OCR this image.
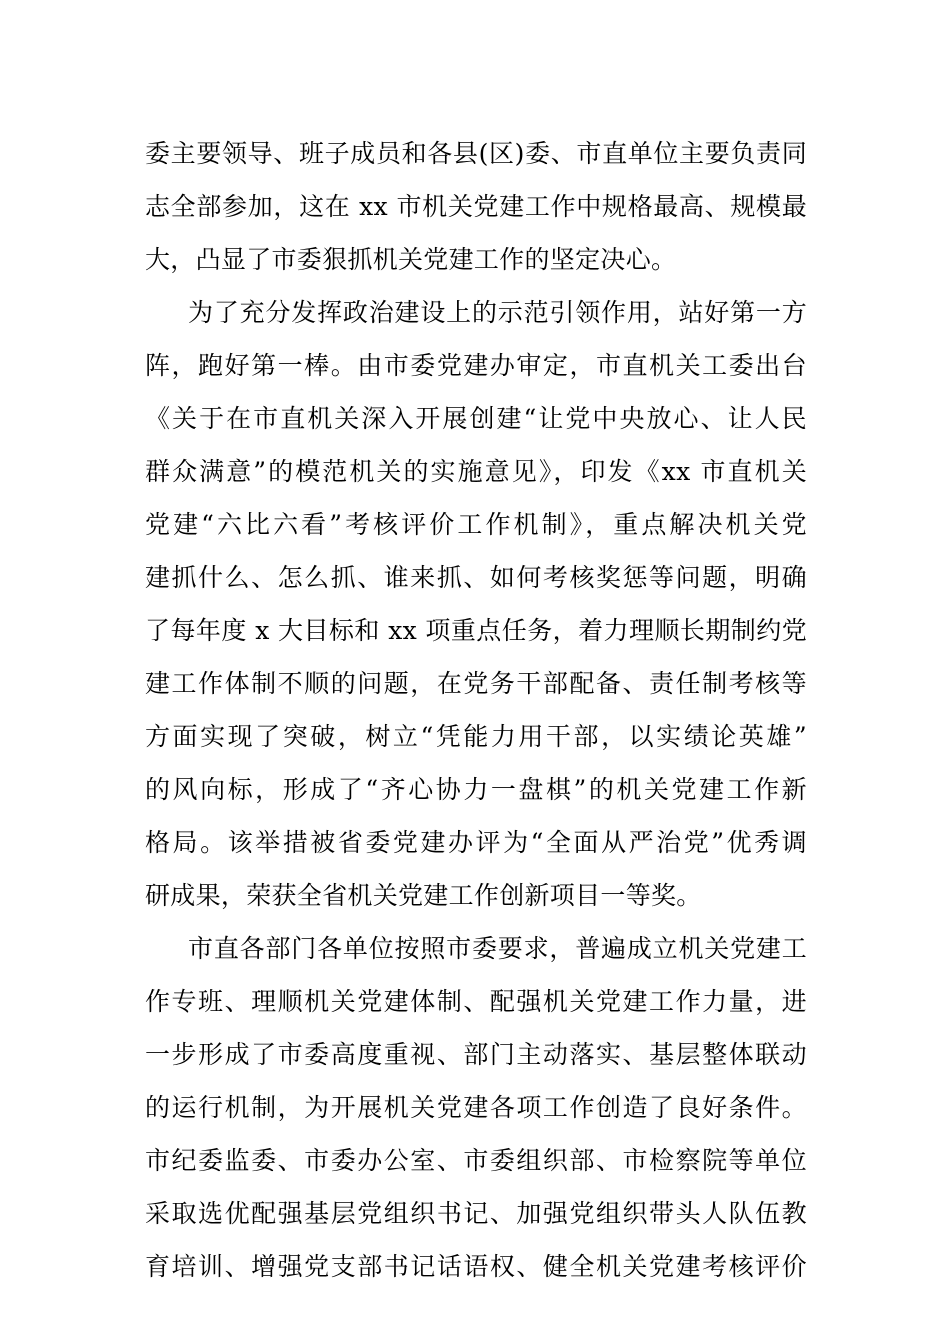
委主要领导、班子成员和各县(区)委、市直单位主要负责同
志全部参加，这在 xx 市机关党建工作中规格最高、规模最
大，凸显了市委狠抓机关党建工作的坚定决心。
为了充分发挥政治建设上的示范引领作用，站好第一方
阵，跑好第一棒。由市委党建办审定，市直机关工委出台
《关于在市直机关深入开展创建“让党中央放心、让人民
群众满意”的模范机关的实施意见》，印发《xx 市直机关
党建“六比六看”考核评价工作机制》，重点解决机关党
建抓什么、怎么抓、谁来抓、如何考核奖惩等问题，明确
了每年度 x 大目标和 xx 项重点任务，着力理顺长期制约党
建工作体制不顺的问题，在党务干部配备、责任制考核等
方面实现了突破，树立“凭能力用干部，以实绩论英雄”
的风向标，形成了“齐心协力一盘棋”的机关党建工作新
格局。该举措被省委党建办评为“全面从严治党”优秀调
研成果，荣获全省机关党建工作创新项目一等奖。
市直各部门各单位按照市委要求，普遍成立机关党建工
作专班、理顺机关党建体制、配强机关党建工作力量，进
一步形成了市委高度重视、部门主动落实、基层整体联动
的运行机制，为开展机关党建各项工作创造了良好条件。
市纪委监委、市委办公室、市委组织部、市检察院等单位
采取选优配强基层党组织书记、加强党组织带头人队伍教
育培训、增强党支部书记话语权、健全机关党建考核评价
